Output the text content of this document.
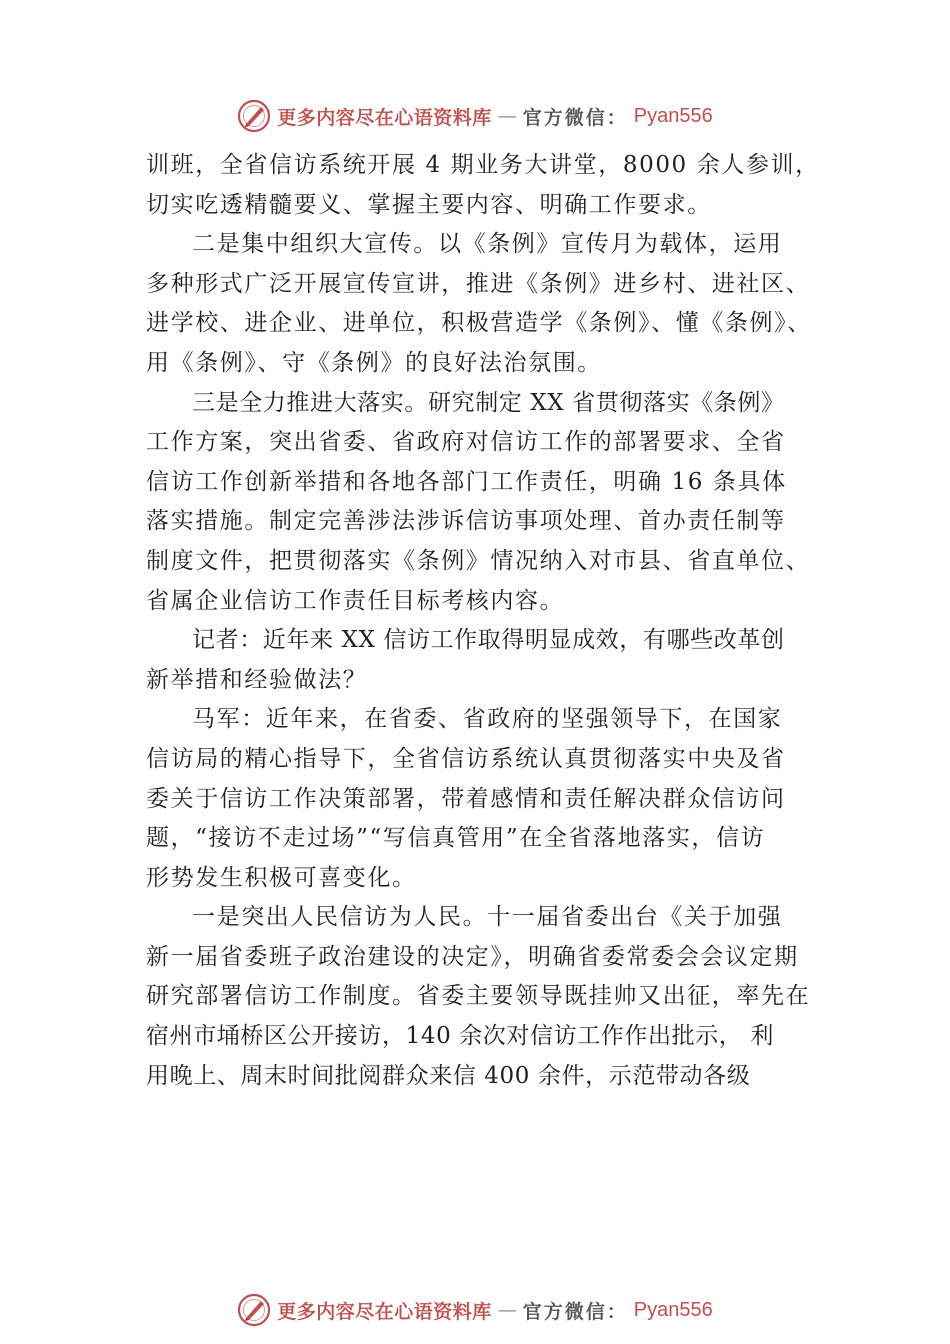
更多内容尽在心语资料库 — 官方微信： Pyan556
训班，全省信访系统开展 4 期业务大讲堂，8000 余人参训，
切实吃透精髓要义、掌握主要内容、明确工作要求。
二是集中组织大宣传。以《条例》宣传月为载体，运用
多种形式广泛开展宣传宣讲，推进《条例》进乡村、进社区、
进学校、进企业、进单位，积极营造学《条例》、懂《条例》、
用《条例》、守《条例》的良好法治氛围。
三是全力推进大落实。研究制定 XX 省贯彻落实《条例》
工作方案，突出省委、省政府对信访工作的部署要求、全省
信访工作创新举措和各地各部门工作责任，明确 16 条具体
落实措施。制定完善涉法涉诉信访事项处理、首办责任制等
制度文件，把贯彻落实《条例》情况纳入对市县、省直单位、
省属企业信访工作责任目标考核内容。
记者：近年来 XX 信访工作取得明显成效，有哪些改革创
新举措和经验做法？
马军：近年来，在省委、省政府的坚强领导下，在国家
信访局的精心指导下，全省信访系统认真贯彻落实中央及省
委关于信访工作决策部署，带着感情和责任解决群众信访问
题，“接访不走过场”“写信真管用”在全省落地落实，信访
形势发生积极可喜变化。
一是突出人民信访为人民。十一届省委出台《关于加强
新一届省委班子政治建设的决定》，明确省委常委会会议定期
研究部署信访工作制度。省委主要领导既挂帅又出征，率先在
宿州市埇桥区公开接访，140 余次对信访工作作出批示， 利
用晚上、周末时间批阅群众来信 400 余件，示范带动各级
更多内容尽在心语资料库 — 官方微信： Pyan556
